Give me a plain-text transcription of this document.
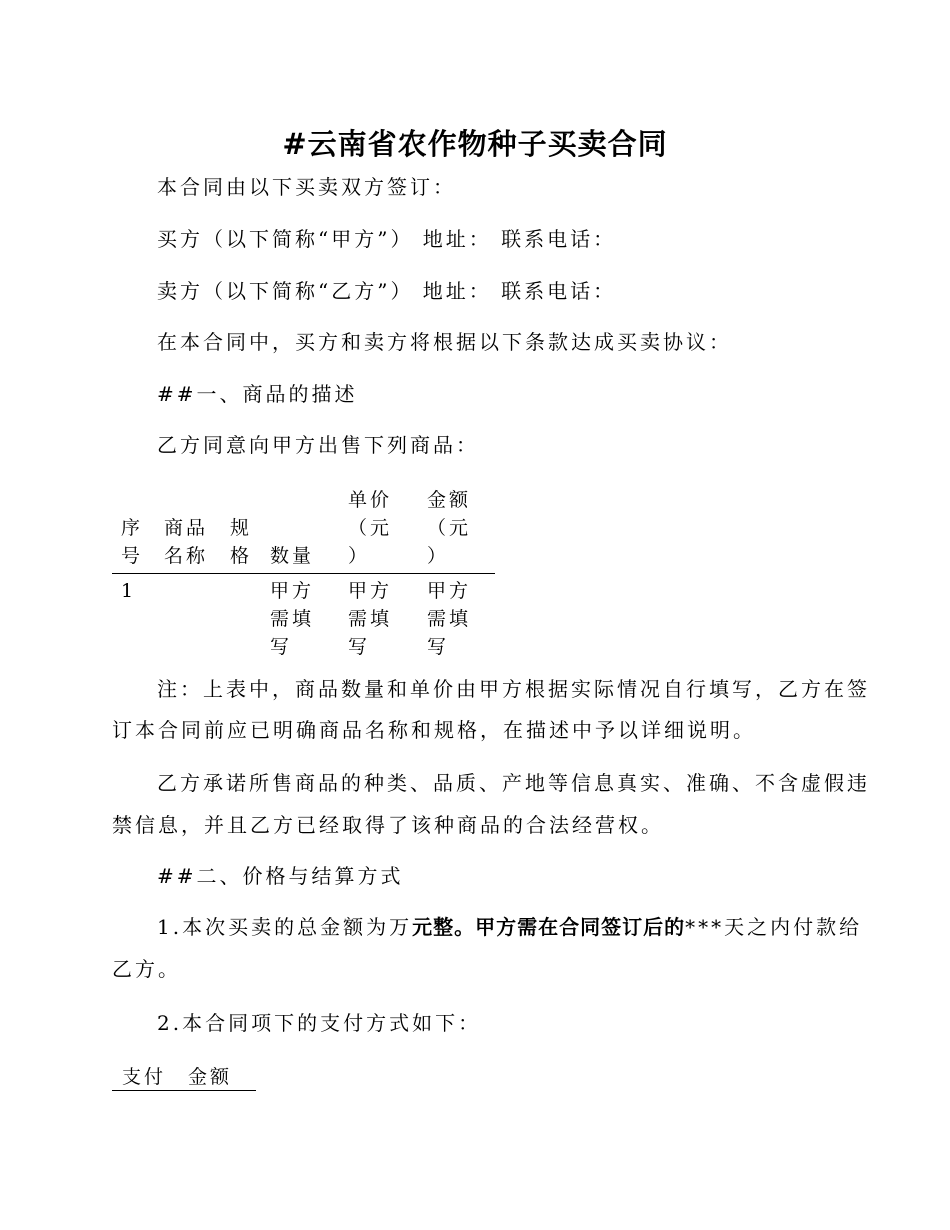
#云南省农作物种子买卖合同
本合同由以下买卖双方签订：
买方（以下简称“甲方”） 地址： 联系电话：
卖方（以下简称“乙方”） 地址： 联系电话：
在本合同中，买方和卖方将根据以下条款达成买卖协议：
##一、商品的描述
乙方同意向甲方出售下列商品：
序
号
商品
名称
规
格 数量
单价
（元
）
金额
（元
）
1	甲方
需填
写
甲方
需填
写
甲方
需填
写
注：上表中，商品数量和单价由甲方根据实际情况自行填写，乙方在签
订本合同前应已明确商品名称和规格，在描述中予以详细说明。
乙方承诺所售商品的种类、品质、产地等信息真实、准确、不含虚假违
禁信息，并且乙方已经取得了该种商品的合法经营权。
##二、价格与结算方式
1.本次买卖的总金额为万元整。甲方需在合同签订后的***天之内付款给
乙方。
2.本合同项下的支付方式如下：
支付 金额
